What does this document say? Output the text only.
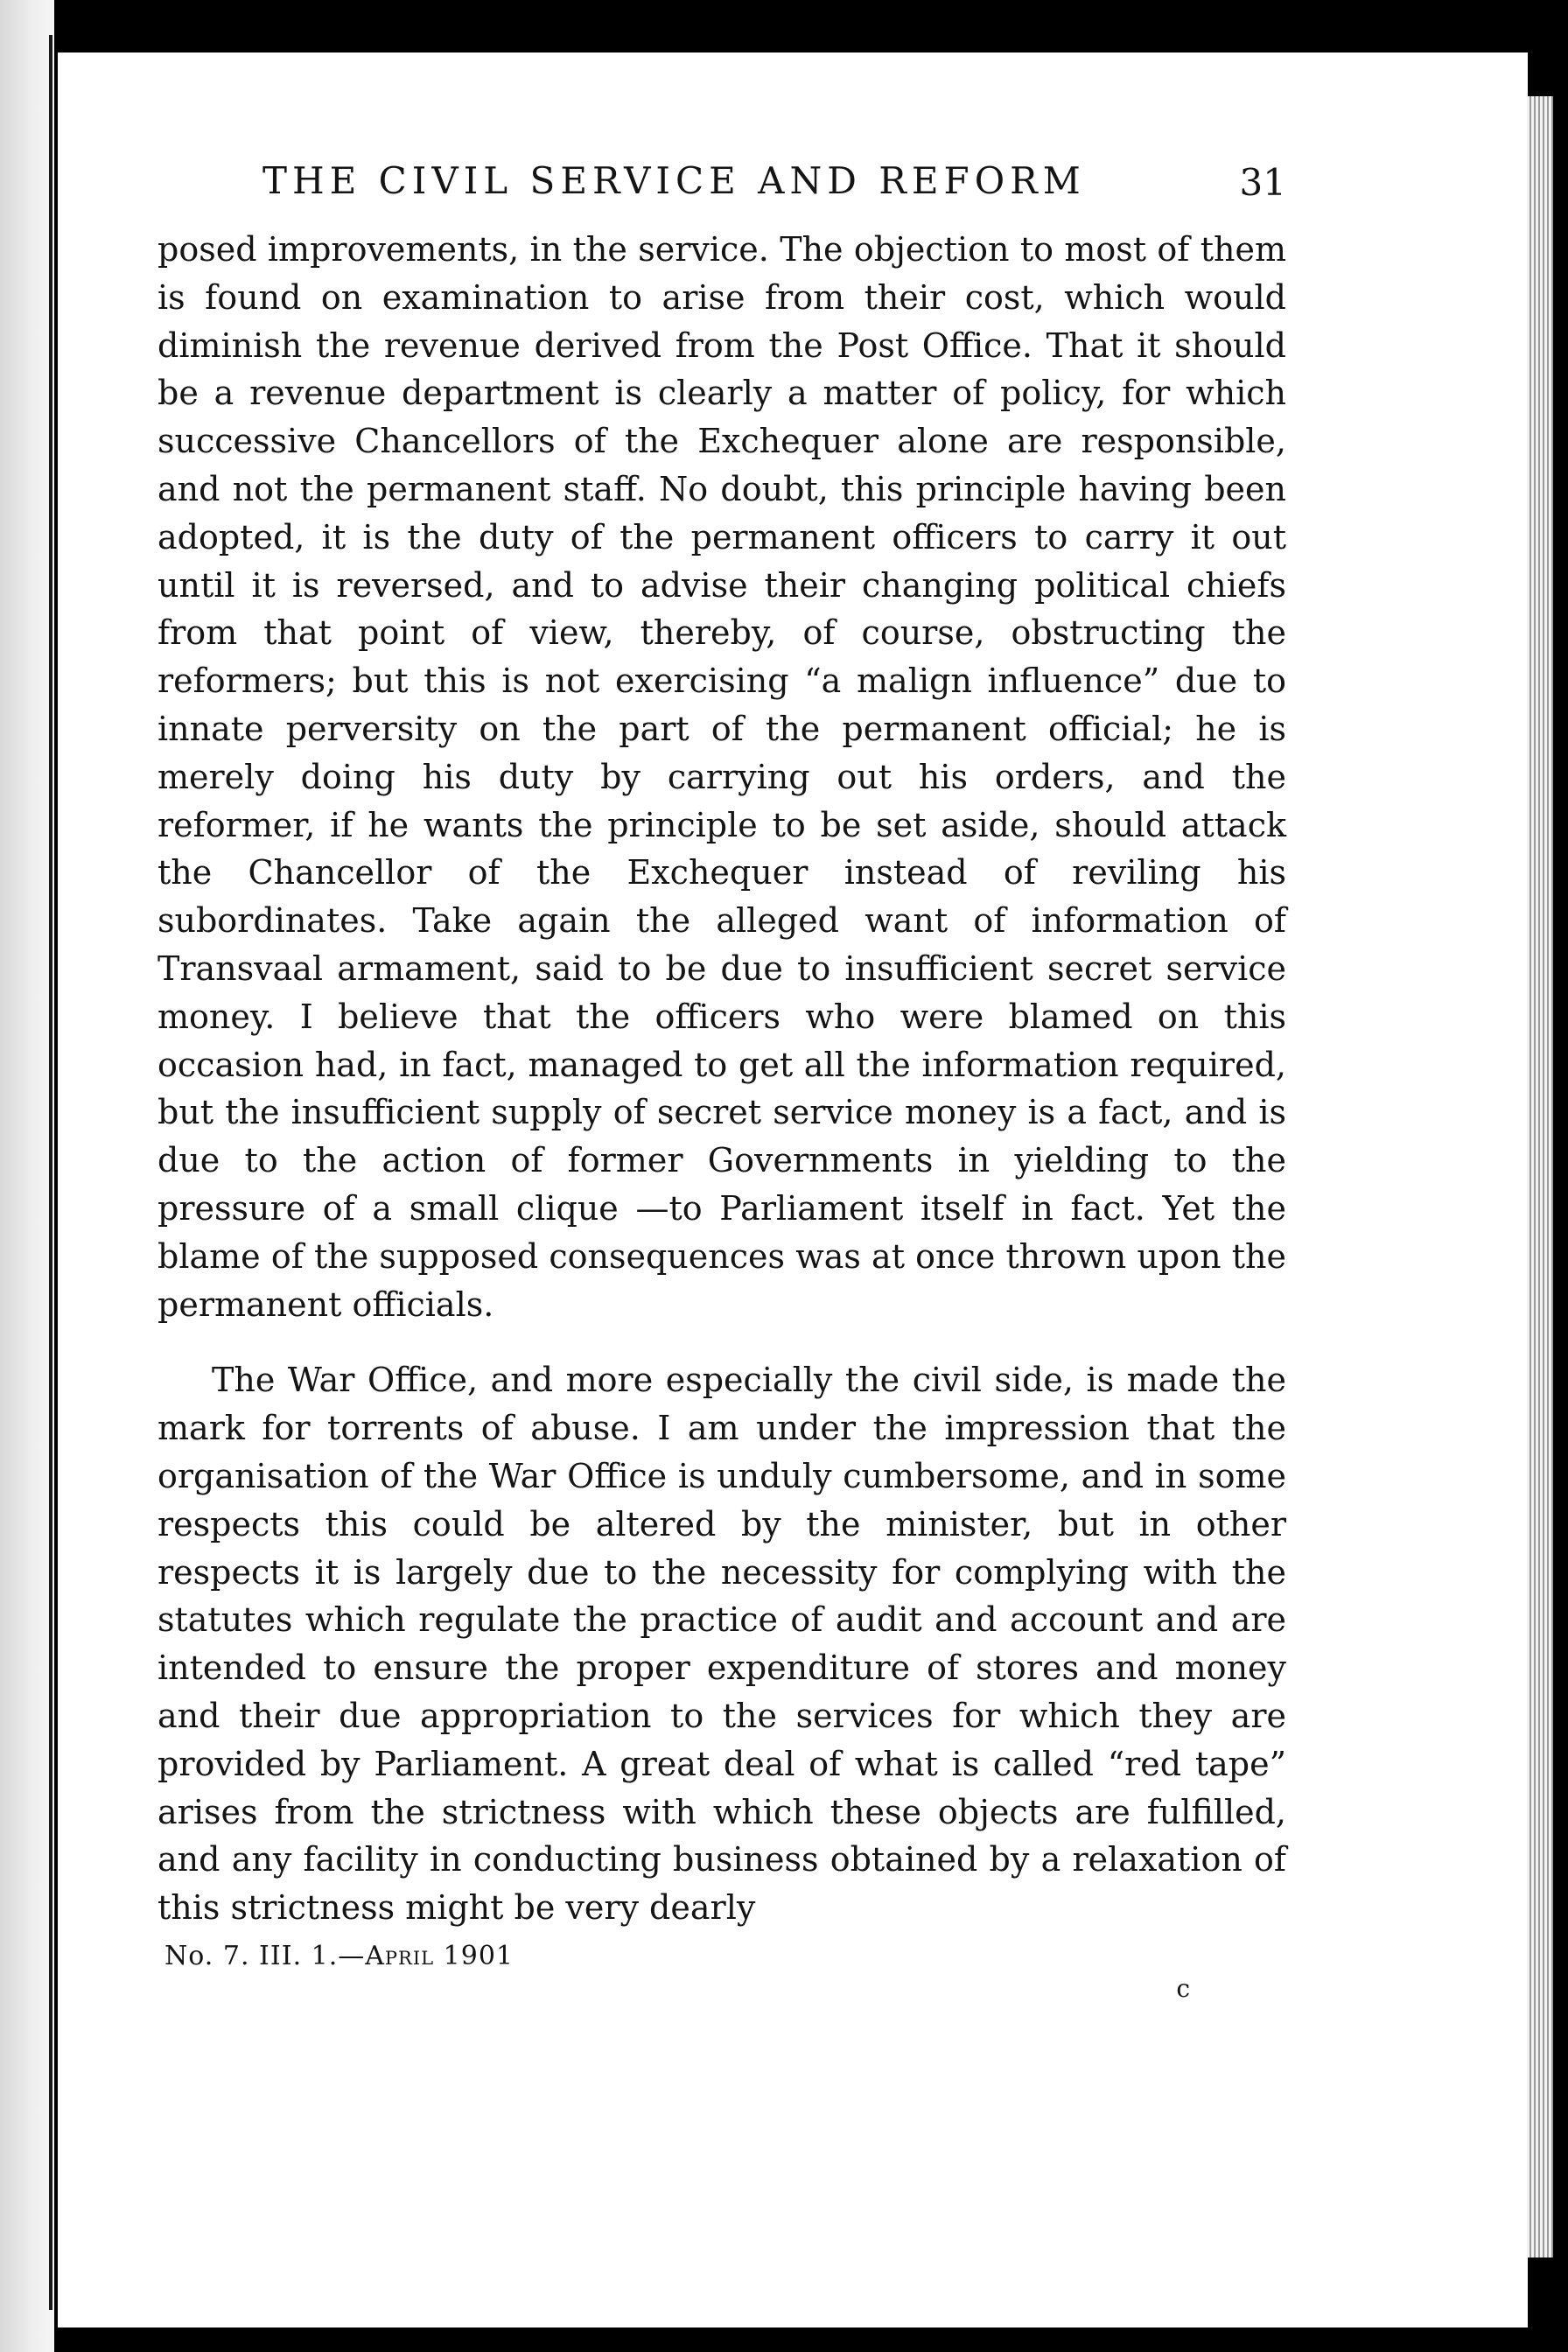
THE CIVIL SERVICE AND REFORM	31

posed improvements, in the service. The objection to most of them is found on examination to arise from their cost, which would diminish the revenue derived from the Post Office. That it should be a revenue department is clearly a matter of policy, for which successive Chancellors of the Exchequer alone are responsible, and not the permanent staff. No doubt, this principle having been adopted, it is the duty of the permanent officers to carry it out until it is reversed, and to advise their changing political chiefs from that point of view, thereby, of course, obstructing the reformers; but this is not exercising “a malign influence” due to innate perversity on the part of the permanent official; he is merely doing his duty by carrying out his orders, and the reformer, if he wants the principle to be set aside, should attack the Chancellor of the Exchequer instead of reviling his subordinates. Take again the alleged want of information of Transvaal armament, said to be due to insufficient secret service money. I believe that the officers who were blamed on this occasion had, in fact, managed to get all the information required, but the insufficient supply of secret service money is a fact, and is due to the action of former Governments in yielding to the pressure of a small clique —to Parliament itself in fact. Yet the blame of the supposed consequences was at once thrown upon the permanent officials.

The War Office, and more especially the civil side, is made the mark for torrents of abuse. I am under the impression that the organisation of the War Office is unduly cumbersome, and in some respects this could be altered by the minister, but in other respects it is largely due to the necessity for complying with the statutes which regulate the practice of audit and account and are intended to ensure the proper expenditure of stores and money and their due appropriation to the services for which they are provided by Parliament. A great deal of what is called “red tape” arises from the strictness with which these objects are fulfilled, and any facility in conducting business obtained by a relaxation of this strictness might be very dearly

No. 7. III. 1.—April 1901
c
